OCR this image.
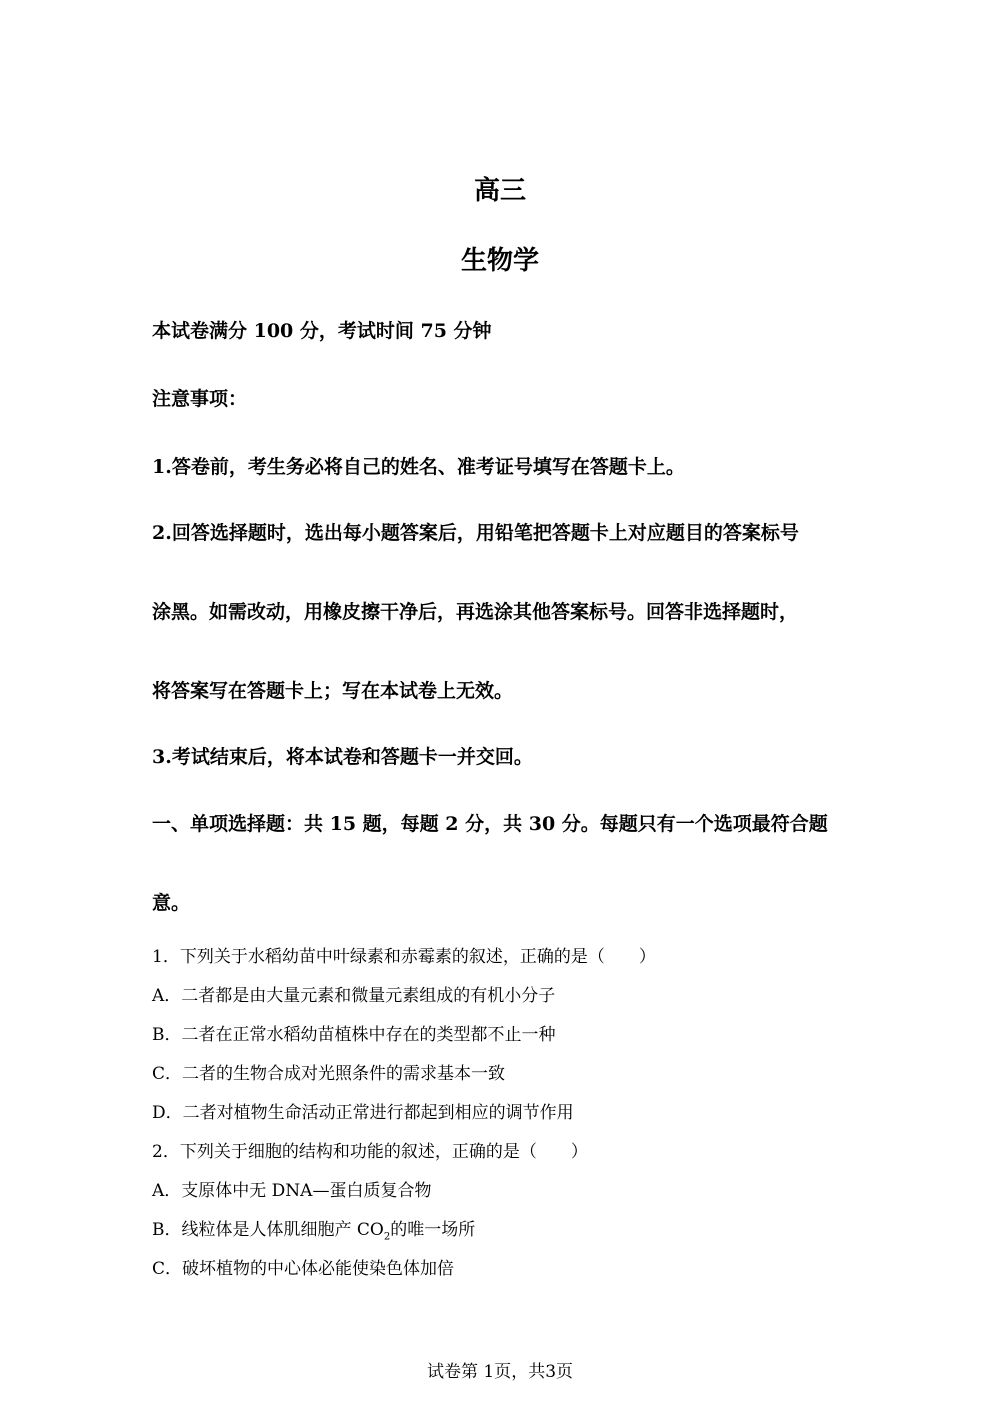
高三
生物学
本试卷满分 100 分，考试时间 75 分钟
注意事项：
1.答卷前，考生务必将自己的姓名、准考证号填写在答题卡上。
2.回答选择题时，选出每小题答案后，用铅笔把答题卡上对应题目的答案标号
涂黑。如需改动，用橡皮擦干净后，再选涂其他答案标号。回答非选择题时，
将答案写在答题卡上；写在本试卷上无效。
3.考试结束后，将本试卷和答题卡一并交回。
一、单项选择题：共 15 题，每题 2 分，共 30 分。每题只有一个选项最符合题
意。
1．下列关于水稻幼苗中叶绿素和赤霉素的叙述，正确的是（　　）
A．二者都是由大量元素和微量元素组成的有机小分子
B．二者在正常水稻幼苗植株中存在的类型都不止一种
C．二者的生物合成对光照条件的需求基本一致
D．二者对植物生命活动正常进行都起到相应的调节作用
2．下列关于细胞的结构和功能的叙述，正确的是（　　）
A．支原体中无 DNA—蛋白质复合物
B．线粒体是人体肌细胞产 $CO_2$的唯一场所
C．破坏植物的中心体必能使染色体加倍
试卷第 1页，共3页
